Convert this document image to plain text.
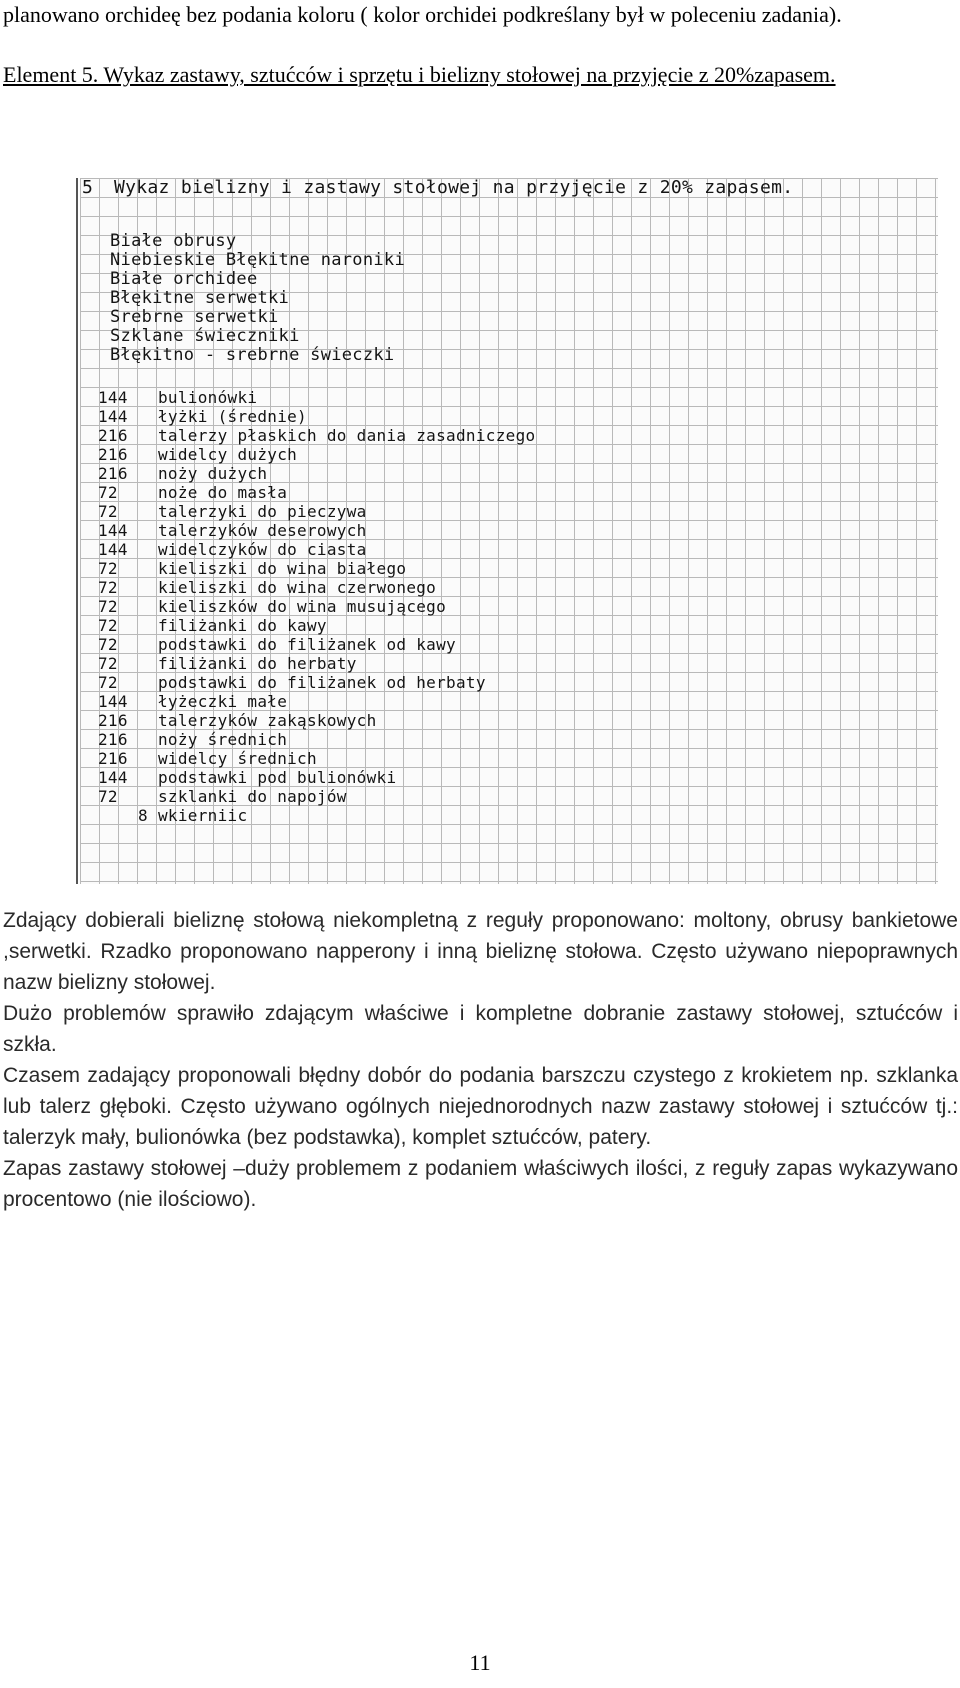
planowano orchideę bez podania koloru ( kolor orchidei podkreślany był w poleceniu zadania).

Element 5. Wykaz zastawy, sztućców i sprzętu i bielizny stołowej na przyjęcie z 20%zapasem.

5 Wykaz bielizny i zastawy stołowej na przyjęcie z 20% zapasem.
Białe obrusy
Niebieskie Błękitne naroniki
Białe orchidee
Błękitne serwetki
Srebrne serwetki
Szklane świeczniki
Błękitno - srebrne świeczki
144	bulionówki
144	łyżki (średnie)
216	talerzy płaskich do dania zasadniczego
216	widelcy dużych
216	noży dużych
72	noże do masła
72	talerzyki do pieczywa
144	talerzyków deserowych
144	widelczyków do ciasta
72	kieliszki do wina białego
72	kieliszki do wina czerwonego
72	kieliszków do wina musującego
72	filiżanki do kawy
72	podstawki do filiżanek od kawy
72	filiżanki do herbaty
72	podstawki do filiżanek od herbaty
144	łyżeczki małe
216	talerzyków zakąskowych
216	noży średnich
216	widelcy średnich
144	podstawki pod bulionówki
72	szklanki do napojów
8 wkierniic

Zdający dobierali bieliznę stołową niekompletną z reguły proponowano: moltony, obrusy bankietowe ,serwetki. Rzadko proponowano napperony i inną bieliznę stołowa. Często używano niepoprawnych nazw bielizny stołowej.

Dużo problemów sprawiło zdającym właściwe i kompletne dobranie zastawy stołowej, sztućców i szkła.

Czasem zadający proponowali błędny dobór do podania barszczu czystego z krokietem np. szklanka lub talerz głęboki. Często używano ogólnych niejednorodnych nazw zastawy stołowej i sztućców tj.: talerzyk mały, bulionówka (bez podstawka), komplet sztućców, patery.

Zapas zastawy stołowej –duży problemem z podaniem właściwych ilości, z reguły zapas wykazywano procentowo (nie ilościowo).

11
